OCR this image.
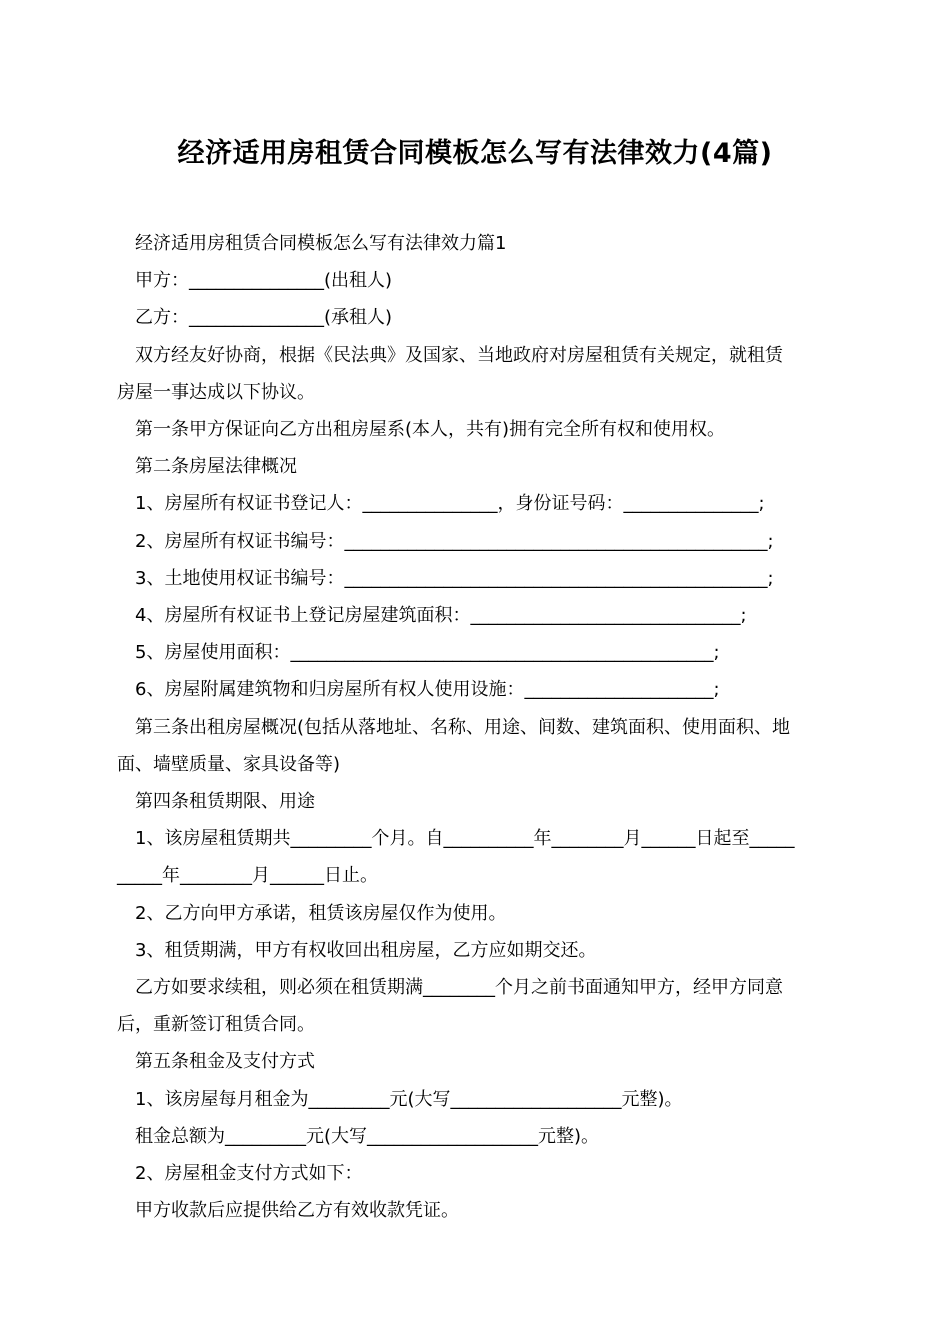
经济适用房租赁合同模板怎么写有法律效力(4篇)

经济适用房租赁合同模板怎么写有法律效力篇1

甲方：_______________(出租人)

乙方：_______________(承租人)

双方经友好协商，根据《民法典》及国家、当地政府对房屋租赁有关规定，就租赁

房屋一事达成以下协议。

第一条甲方保证向乙方出租房屋系(本人，共有)拥有完全所有权和使用权。

第二条房屋法律概况

1、房屋所有权证书登记人：_______________，身份证号码：_______________;

2、房屋所有权证书编号：_______________________________________________;

3、土地使用权证书编号：_______________________________________________;

4、房屋所有权证书上登记房屋建筑面积：______________________________;

5、房屋使用面积：_______________________________________________;

6、房屋附属建筑物和归房屋所有权人使用设施：_____________________;

第三条出租房屋概况(包括从落地址、名称、用途、间数、建筑面积、使用面积、地

面、墙壁质量、家具设备等)

第四条租赁期限、用途

1、该房屋租赁期共_________个月。自__________年________月______日起至_____

_____年________月______日止。

2、乙方向甲方承诺，租赁该房屋仅作为使用。

3、租赁期满，甲方有权收回出租房屋，乙方应如期交还。

乙方如要求续租，则必须在租赁期满________个月之前书面通知甲方，经甲方同意

后，重新签订租赁合同。

第五条租金及支付方式

1、该房屋每月租金为_________元(大写___________________元整)。

租金总额为_________元(大写___________________元整)。

2、房屋租金支付方式如下：

甲方收款后应提供给乙方有效收款凭证。
